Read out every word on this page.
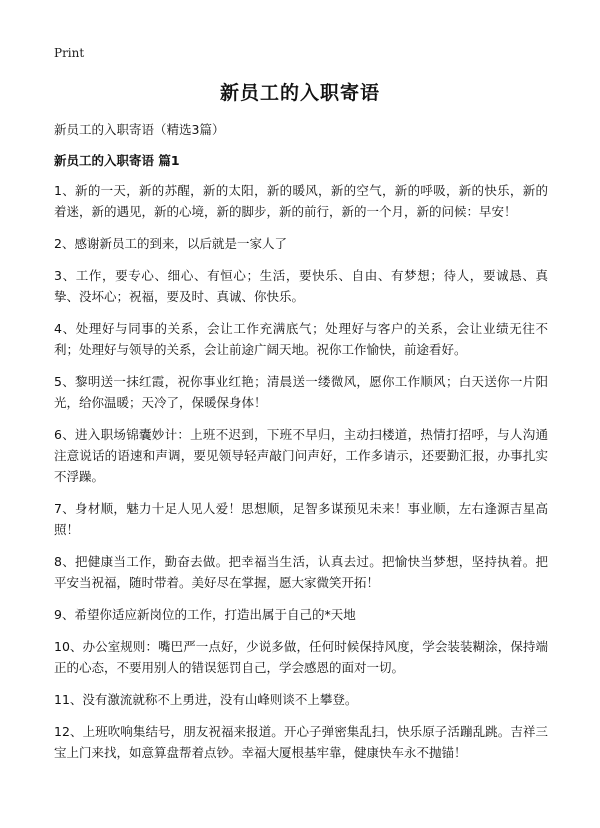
Print
新员工的入职寄语

新员工的入职寄语（精选3篇）

新员工的入职寄语 篇1

1、新的一天，新的苏醒，新的太阳，新的暖风，新的空气，新的呼吸，新的快乐，新的着迷，新的遇见，新的心境，新的脚步，新的前行，新的一个月，新的问候：早安！

2、感谢新员工的到来，以后就是一家人了

3、工作，要专心、细心、有恒心；生活，要快乐、自由、有梦想；待人，要诚恳、真挚、没坏心；祝福，要及时、真诚、你快乐。

4、处理好与同事的关系，会让工作充满底气；处理好与客户的关系，会让业绩无往不利；处理好与领导的关系，会让前途广阔天地。祝你工作愉快，前途看好。

5、黎明送一抹红霞，祝你事业红艳；清晨送一缕微风，愿你工作顺风；白天送你一片阳光，给你温暖；天冷了，保暖保身体！

6、进入职场锦囊妙计：上班不迟到，下班不早归，主动扫楼道，热情打招呼，与人沟通注意说话的语速和声调，要见领导轻声敲门问声好，工作多请示，还要勤汇报，办事扎实不浮躁。

7、身材顺，魅力十足人见人爱！思想顺，足智多谋预见未来！事业顺，左右逢源吉星高照！

8、把健康当工作，勤奋去做。把幸福当生活，认真去过。把愉快当梦想，坚持执着。把平安当祝福，随时带着。美好尽在掌握，愿大家微笑开拓！

9、希望你适应新岗位的工作，打造出属于自己的*天地

10、办公室规则：嘴巴严一点好，少说多做，任何时候保持风度，学会装装糊涂，保持端正的心态，不要用别人的错误惩罚自己，学会感恩的面对一切。

11、没有激流就称不上勇进，没有山峰则谈不上攀登。

12、上班吹响集结号，朋友祝福来报道。开心子弹密集乱扫，快乐原子活蹦乱跳。吉祥三宝上门来找，如意算盘帮着点钞。幸福大厦根基牢靠，健康快车永不抛锚！
